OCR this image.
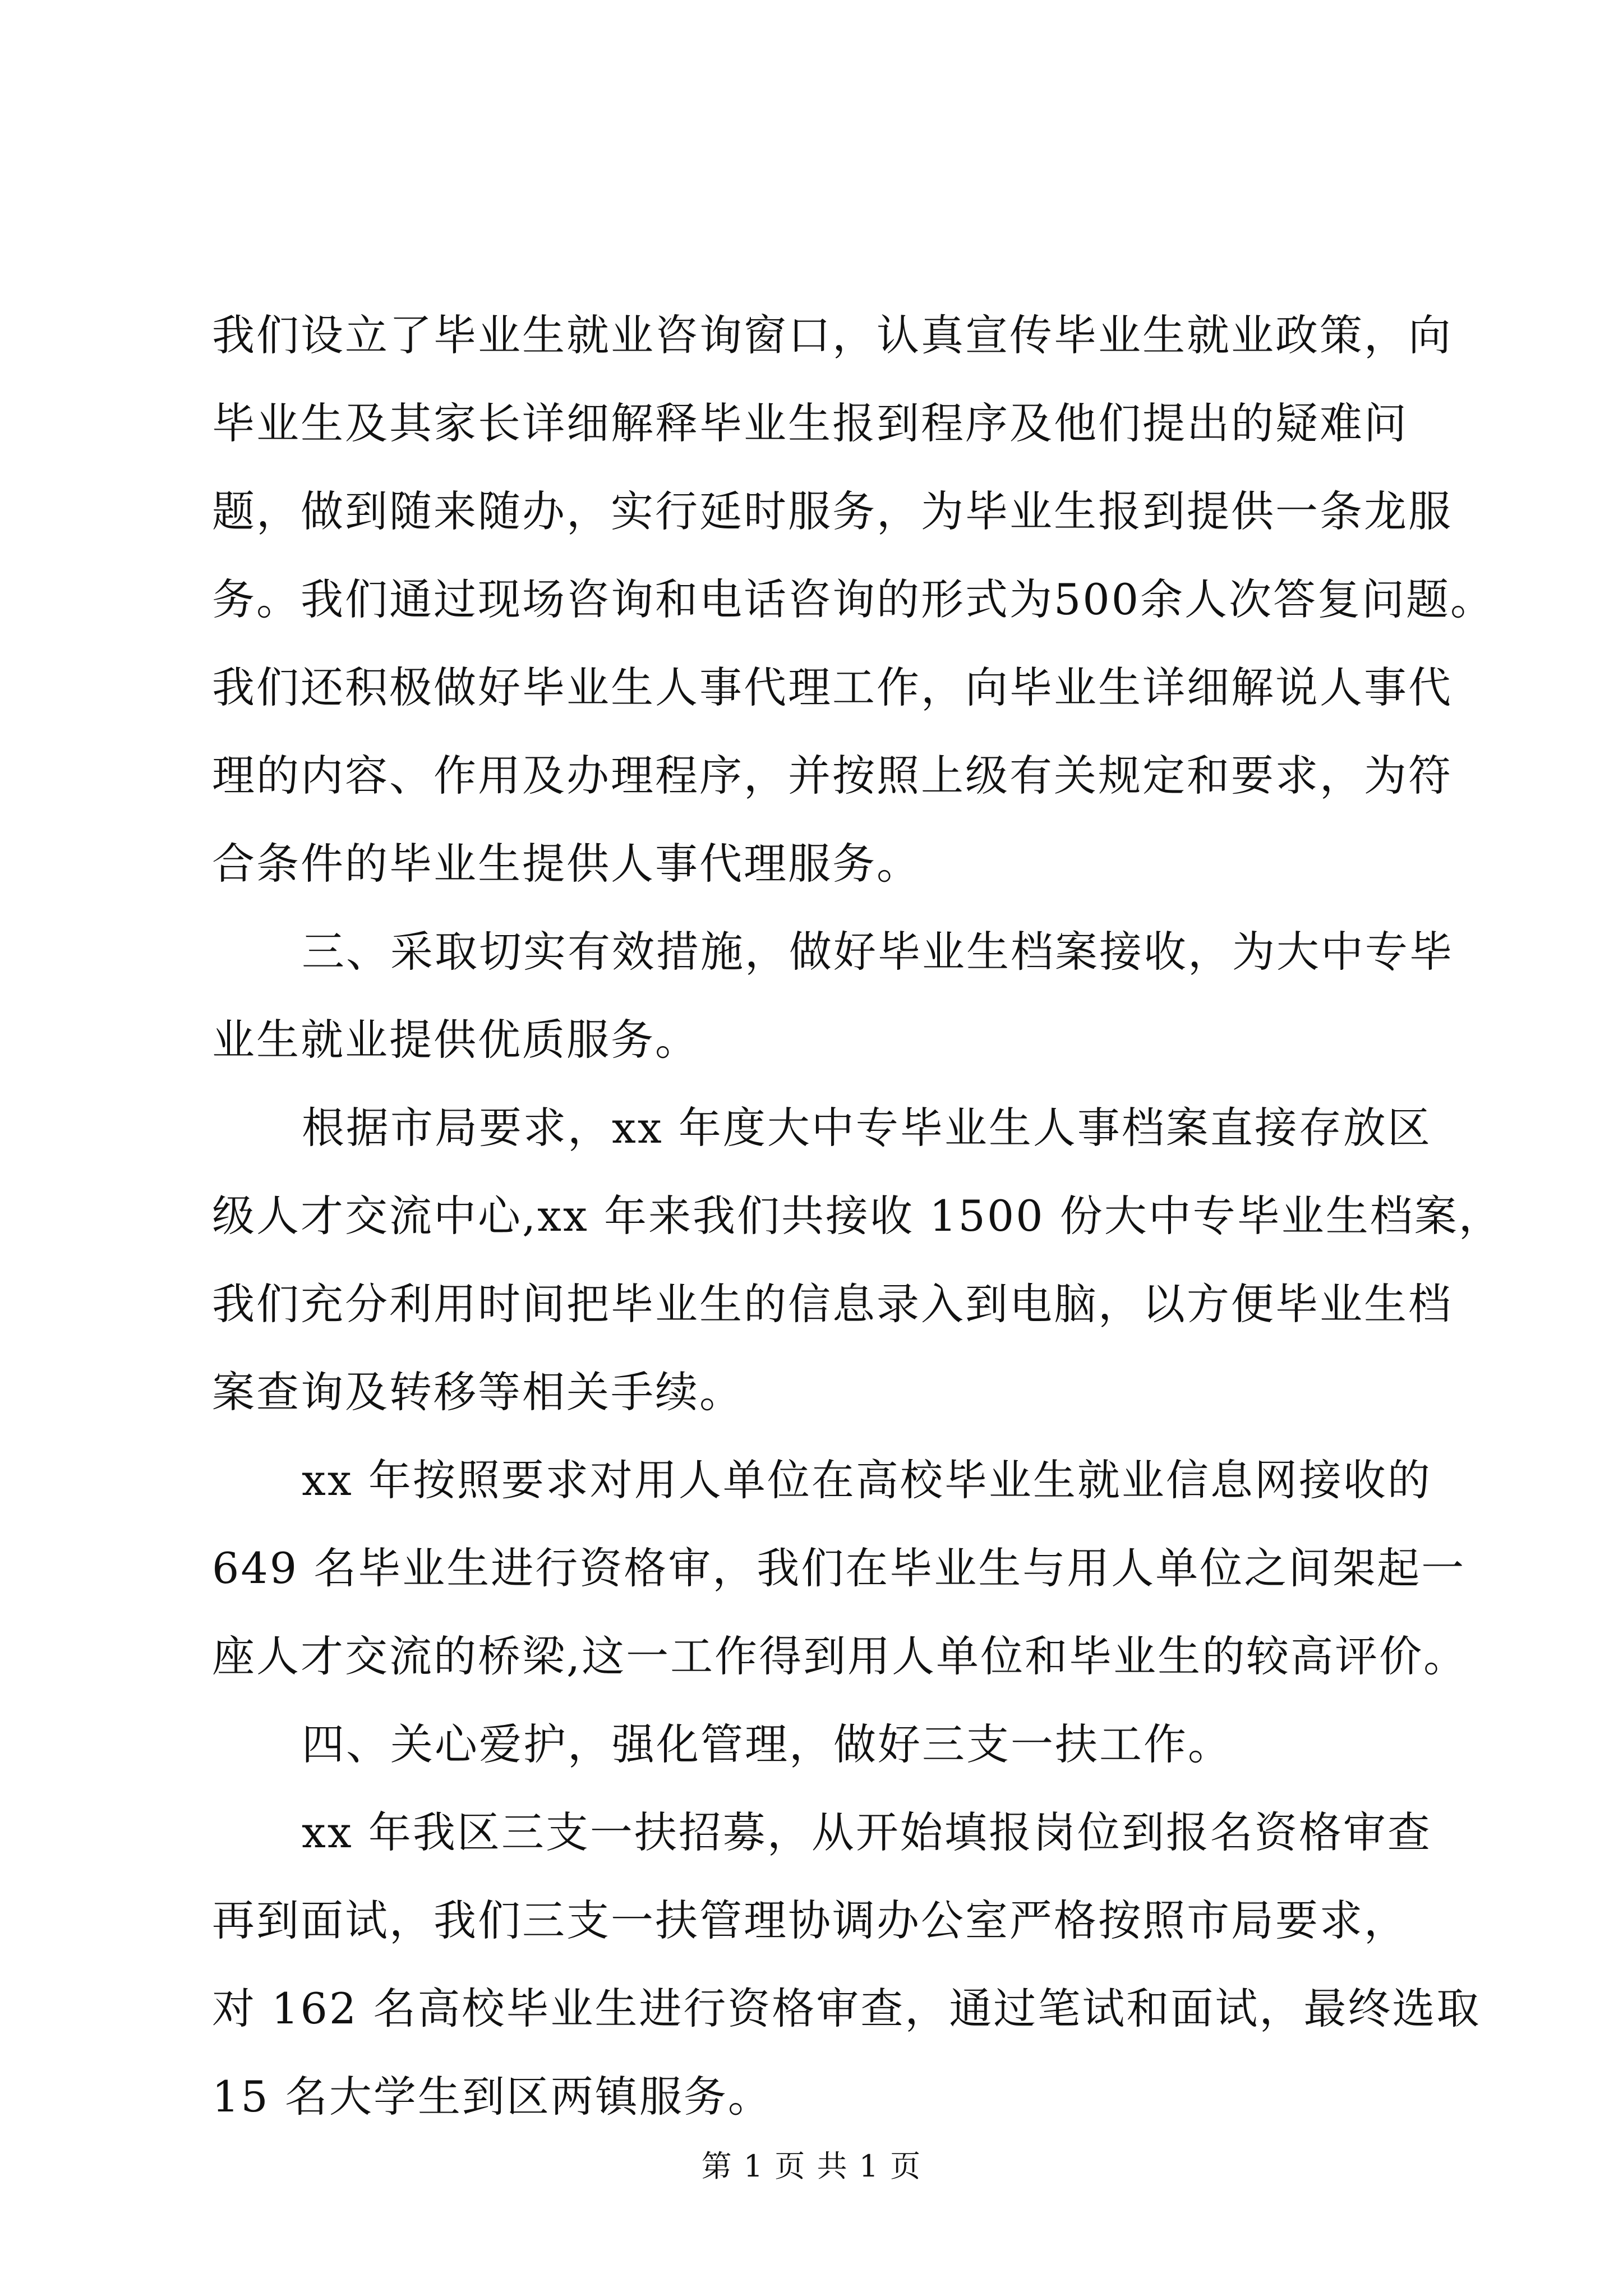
我们设立了毕业生就业咨询窗口，认真宣传毕业生就业政策，向
毕业生及其家长详细解释毕业生报到程序及他们提出的疑难问
题，做到随来随办，实行延时服务，为毕业生报到提供一条龙服
务。我们通过现场咨询和电话咨询的形式为500余人次答复问题。
我们还积极做好毕业生人事代理工作，向毕业生详细解说人事代
理的内容、作用及办理程序，并按照上级有关规定和要求，为符
合条件的毕业生提供人事代理服务。
三、采取切实有效措施，做好毕业生档案接收，为大中专毕
业生就业提供优质服务。
根据市局要求，xx 年度大中专毕业生人事档案直接存放区
级人才交流中心,xx 年来我们共接收 1500 份大中专毕业生档案，
我们充分利用时间把毕业生的信息录入到电脑，以方便毕业生档
案查询及转移等相关手续。
xx 年按照要求对用人单位在高校毕业生就业信息网接收的
649 名毕业生进行资格审，我们在毕业生与用人单位之间架起一
座人才交流的桥梁,这一工作得到用人单位和毕业生的较高评价。
四、关心爱护，强化管理，做好三支一扶工作。
xx 年我区三支一扶招募，从开始填报岗位到报名资格审查
再到面试，我们三支一扶管理协调办公室严格按照市局要求，
对 162 名高校毕业生进行资格审查，通过笔试和面试，最终选取
15 名大学生到区两镇服务。
第 1 页 共 1 页
